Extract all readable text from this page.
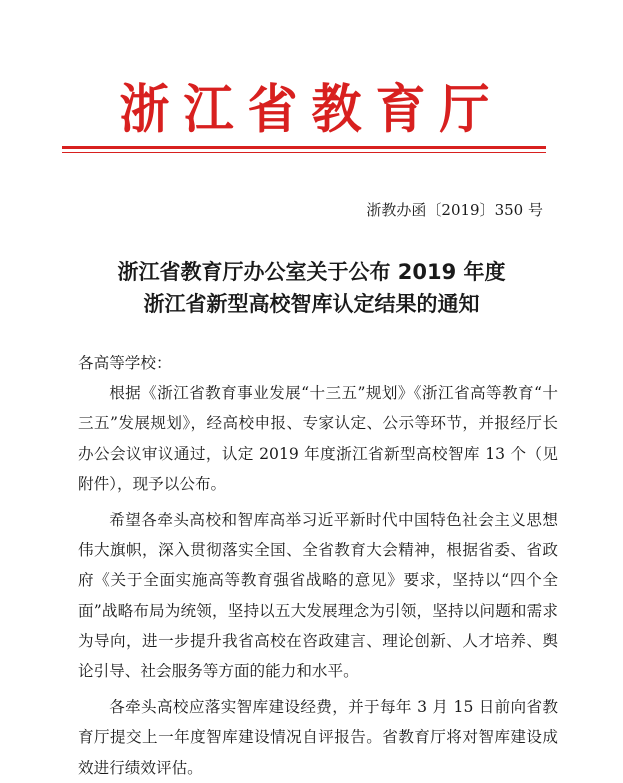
浙江省教育厅
浙教办函〔2019〕350 号
浙江省教育厅办公室关于公布 2019 年度
浙江省新型高校智库认定结果的通知

各高等学校：

根据《浙江省教育事业发展“十三五”规划》《浙江省高等教育“十三五”发展规划》，经高校申报、专家认定、公示等环节，并报经厅长办公会议审议通过，认定 2019 年度浙江省新型高校智库 13 个（见附件），现予以公布。

希望各牵头高校和智库高举习近平新时代中国特色社会主义思想伟大旗帜，深入贯彻落实全国、全省教育大会精神，根据省委、省政府《关于全面实施高等教育强省战略的意见》要求，坚持以“四个全面”战略布局为统领，坚持以五大发展理念为引领，坚持以问题和需求为导向，进一步提升我省高校在咨政建言、理论创新、人才培养、舆论引导、社会服务等方面的能力和水平。

各牵头高校应落实智库建设经费，并于每年 3 月 15 日前向省教育厅提交上一年度智库建设情况自评报告。省教育厅将对智库建设成效进行绩效评估。
